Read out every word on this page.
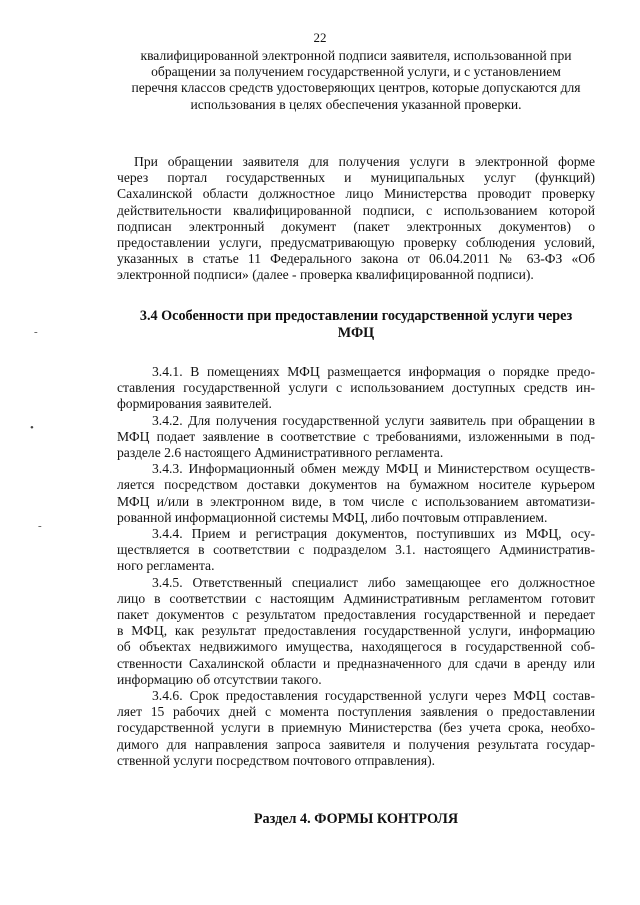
22
квалифицированной электронной подписи заявителя, использованной при
обращении за получением государственной услуги, и с установлением
перечня классов средств удостоверяющих центров, которые допускаются для
использования в целях обеспечения указанной проверки.
При обращении заявителя для получения услуги в электронной форме
через портал государственных и муниципальных услуг (функций)
Сахалинской области должностное лицо Министерства проводит проверку
действительности квалифицированной подписи, с использованием которой
подписан электронный документ (пакет электронных документов) о
предоставлении услуги, предусматривающую проверку соблюдения условий,
указанных в статье 11 Федерального закона от 06.04.2011 № 63-ФЗ «Об
электронной подписи» (далее - проверка квалифицированной подписи).
3.4 Особенности при предоставлении государственной услуги через
МФЦ
3.4.1. В помещениях МФЦ размещается информация о порядке предо-
ставления государственной услуги с использованием доступных средств ин-
формирования заявителей.
3.4.2. Для получения государственной услуги заявитель при обращении в
МФЦ подает заявление в соответствие с требованиями, изложенными в под-
разделе 2.6 настоящего Административного регламента.
3.4.3. Информационный обмен между МФЦ и Министерством осуществ-
ляется посредством доставки документов на бумажном носителе курьером
МФЦ и/или в электронном виде, в том числе с использованием автоматизи-
рованной информационной системы МФЦ, либо почтовым отправлением.
3.4.4. Прием и регистрация документов, поступивших из МФЦ, осу-
ществляется в соответствии с подразделом 3.1. настоящего Административ-
ного регламента.
3.4.5. Ответственный специалист либо замещающее его должностное
лицо в соответствии с настоящим Административным регламентом готовит
пакет документов с результатом предоставления государственной и передает
в МФЦ, как результат предоставления государственной услуги, информацию
об объектах недвижимого имущества, находящегося в государственной соб-
ственности Сахалинской области и предназначенного для сдачи в аренду или
информацию об отсутствии такого.
3.4.6. Срок предоставления государственной услуги через МФЦ состав-
ляет 15 рабочих дней с момента поступления заявления о предоставлении
государственной услуги в приемную Министерства (без учета срока, необхо-
димого для направления запроса заявителя и получения результата государ-
ственной услуги посредством почтового отправления).
Раздел 4. ФОРМЫ КОНТРОЛЯ
-
•
-
